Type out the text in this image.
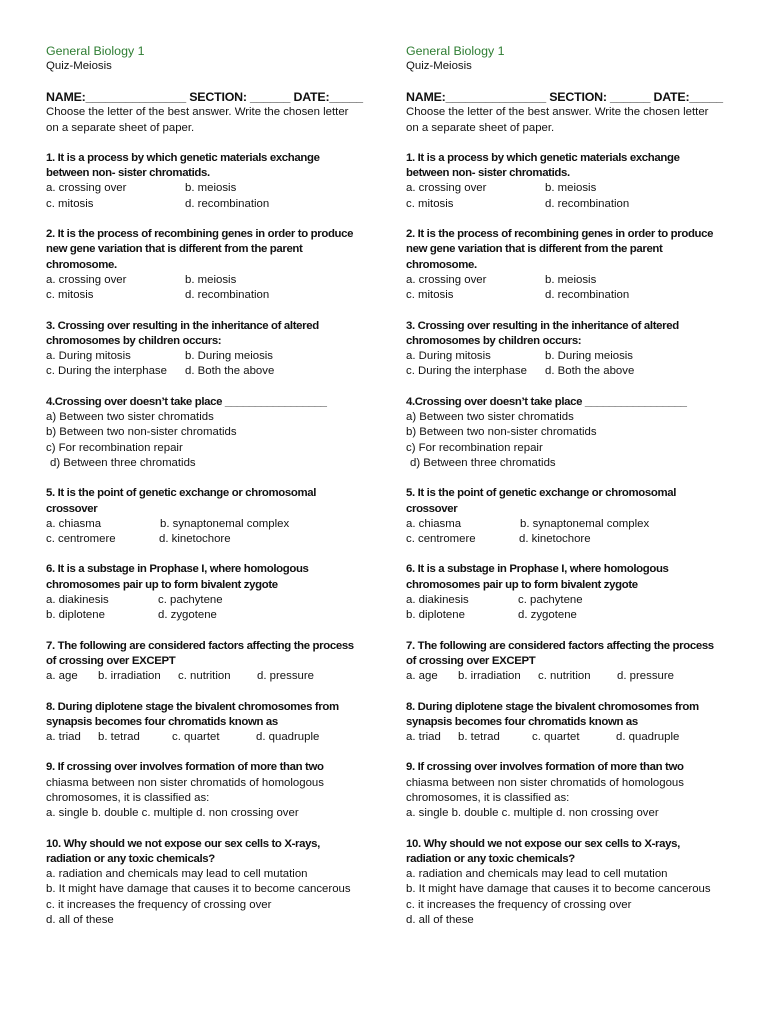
General Biology 1
Quiz-Meiosis
NAME:_______________ SECTION: ______ DATE:_____
Choose the letter of the best answer. Write the chosen letter
on a separate sheet of paper.
1. It is a process by which genetic materials exchange
between non- sister chromatids.
a. crossing over	b. meiosis
c. mitosis	d. recombination
2. It is the process of recombining genes in order to produce
new gene variation that is different from the parent
chromosome.
a. crossing over	b. meiosis
c. mitosis	d. recombination
3. Crossing over resulting in the inheritance of altered
chromosomes by children occurs:
a. During mitosis	b. During meiosis
c. During the interphase d. Both the above
4.Crossing over doesn’t take place _________________
a) Between two sister chromatids
b) Between two non-sister chromatids
c) For recombination repair
d) Between three chromatids
5. It is the point of genetic exchange or chromosomal
crossover
a. chiasma	b. synaptonemal complex
c. centromere	d. kinetochore
6. It is a substage in Prophase I, where homologous
chromosomes pair up to form bivalent zygote
a. diakinesis	c. pachytene
b. diplotene	d. zygotene
7. The following are considered factors affecting the process
of crossing over EXCEPT
a. age b. irradiation c. nutrition d. pressure
8. During diplotene stage the bivalent chromosomes from
synapsis becomes four chromatids known as
a. triad b. tetrad	c. quartet	d. quadruple
9. If crossing over involves formation of more than two
chiasma between non sister chromatids of homologous
chromosomes, it is classified as:
a. single b. double c. multiple d. non crossing over
10. Why should we not expose our sex cells to X-rays,
radiation or any toxic chemicals?
a. radiation and chemicals may lead to cell mutation
b. It might have damage that causes it to become cancerous
c. it increases the frequency of crossing over
d. all of these
General Biology 1
Quiz-Meiosis
NAME:_______________ SECTION: ______ DATE:_____
Choose the letter of the best answer. Write the chosen letter
on a separate sheet of paper.
1. It is a process by which genetic materials exchange
between non- sister chromatids.
a. crossing over	b. meiosis
c. mitosis	d. recombination
2. It is the process of recombining genes in order to produce
new gene variation that is different from the parent
chromosome.
a. crossing over	b. meiosis
c. mitosis	d. recombination
3. Crossing over resulting in the inheritance of altered
chromosomes by children occurs:
a. During mitosis	b. During meiosis
c. During the interphase d. Both the above
4.Crossing over doesn’t take place _________________
a) Between two sister chromatids
b) Between two non-sister chromatids
c) For recombination repair
d) Between three chromatids
5. It is the point of genetic exchange or chromosomal
crossover
a. chiasma	b. synaptonemal complex
c. centromere	d. kinetochore
6. It is a substage in Prophase I, where homologous
chromosomes pair up to form bivalent zygote
a. diakinesis	c. pachytene
b. diplotene	d. zygotene
7. The following are considered factors affecting the process
of crossing over EXCEPT
a. age b. irradiation c. nutrition d. pressure
8. During diplotene stage the bivalent chromosomes from
synapsis becomes four chromatids known as
a. triad b. tetrad	c. quartet	d. quadruple
9. If crossing over involves formation of more than two
chiasma between non sister chromatids of homologous
chromosomes, it is classified as:
a. single b. double c. multiple d. non crossing over
10. Why should we not expose our sex cells to X-rays,
radiation or any toxic chemicals?
a. radiation and chemicals may lead to cell mutation
b. It might have damage that causes it to become cancerous
c. it increases the frequency of crossing over
d. all of these
